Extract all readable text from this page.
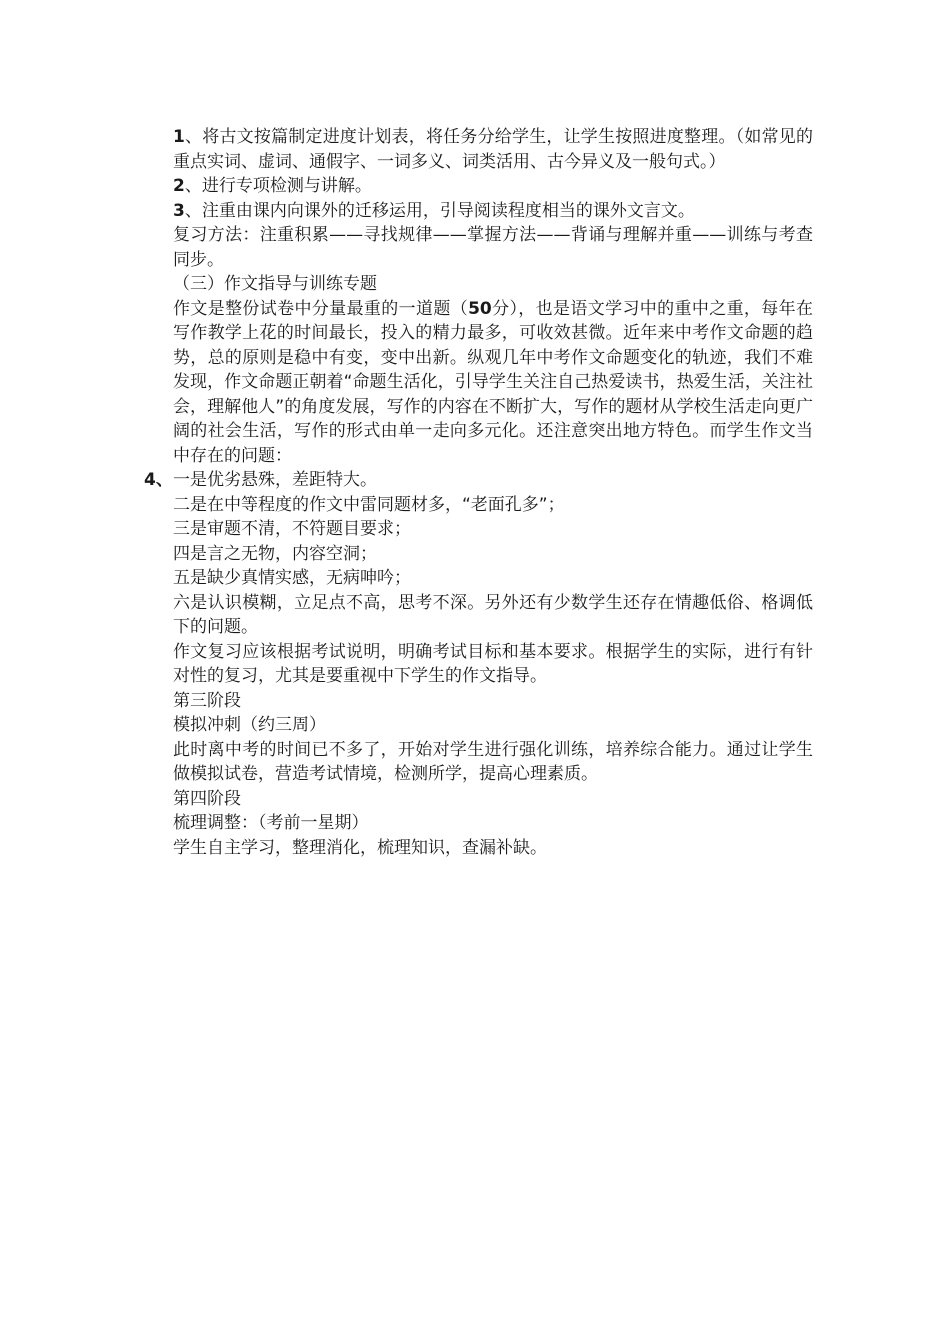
1、将古文按篇制定进度计划表，将任务分给学生，让学生按照进度整理。（如常见的重点实词、虚词、通假字、一词多义、词类活用、古今异义及一般句式。）

2、进行专项检测与讲解。

3、注重由课内向课外的迁移运用，引导阅读程度相当的课外文言文。

复习方法：注重积累——寻找规律——掌握方法——背诵与理解并重——训练与考查同步。

（三）作文指导与训练专题

作文是整份试卷中分量最重的一道题（50分），也是语文学习中的重中之重，每年在写作教学上花的时间最长，投入的精力最多，可收效甚微。近年来中考作文命题的趋势，总的原则是稳中有变，变中出新。纵观几年中考作文命题变化的轨迹，我们不难发现，作文命题正朝着“命题生活化，引导学生关注自己热爱读书，热爱生活，关注社会，理解他人”的角度发展，写作的内容在不断扩大，写作的题材从学校生活走向更广阔的社会生活，写作的形式由单一走向多元化。还注意突出地方特色。而学生作文当中存在的问题：

4、 一是优劣悬殊，差距特大。

二是在中等程度的作文中雷同题材多，“老面孔多”；

三是审题不清，不符题目要求；

四是言之无物，内容空洞；

五是缺少真情实感，无病呻吟；

六是认识模糊，立足点不高，思考不深。另外还有少数学生还存在情趣低俗、格调低下的问题。

作文复习应该根据考试说明，明确考试目标和基本要求。根据学生的实际，进行有针对性的复习，尤其是要重视中下学生的作文指导。

第三阶段

模拟冲刺（约三周）

此时离中考的时间已不多了，开始对学生进行强化训练，培养综合能力。通过让学生做模拟试卷，营造考试情境，检测所学，提高心理素质。

第四阶段

梳理调整：（考前一星期）

学生自主学习，整理消化，梳理知识，查漏补缺。
